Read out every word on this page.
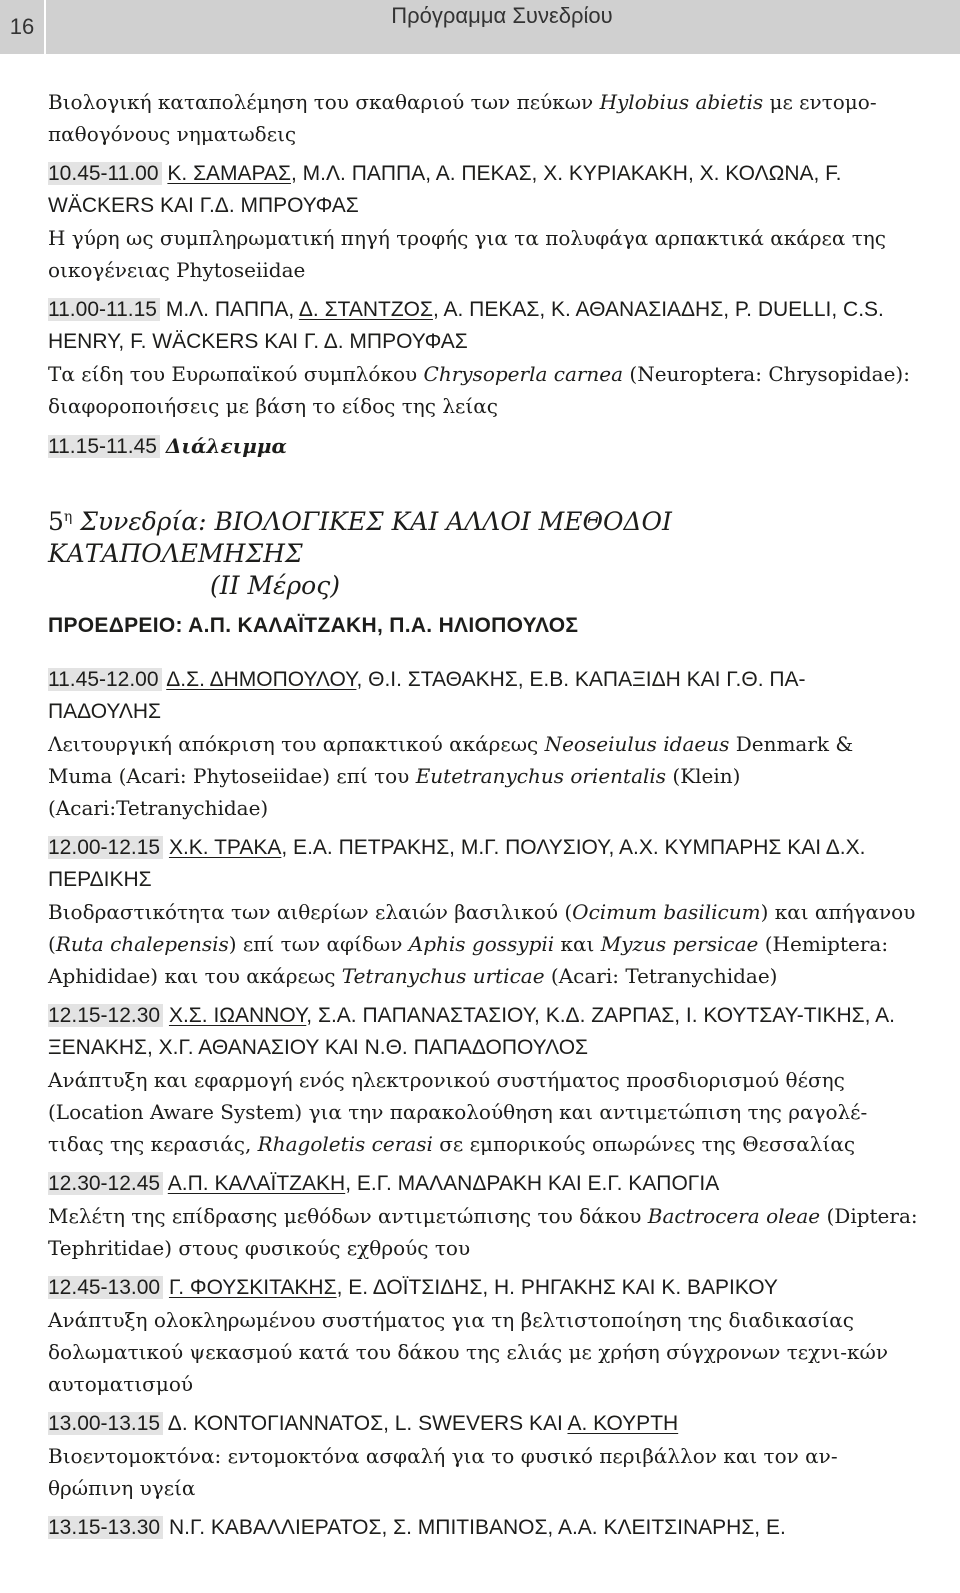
16	Πρόγραμμα Συνεδρίου

Βιολογική καταπολέμηση του σκαθαριού των πεύκων Hylobius abietis με εντομο-παθογόνους νηματωδεις

10.45-11.00 Κ. ΣΑΜΑΡΑΣ, Μ.Λ. ΠΑΠΠΑ, Α. ΠΕΚΑΣ, Χ. ΚΥΡΙΑΚΑΚΗ, Χ. ΚΟΛΩΝΑ, F. WÄCKERS ΚΑΙ Γ.Δ. ΜΠΡΟΥΦΑΣ

Η γύρη ως συμπληρωματική πηγή τροφής για τα πολυφάγα αρπακτικά ακάρεα της οικογένειας Phytoseiidae

11.00-11.15 Μ.Λ. ΠΑΠΠΑ, Δ. ΣΤΑΝΤΖΟΣ, Α. ΠΕΚΑΣ, Κ. ΑΘΑΝΑΣΙΑΔΗΣ, P. DUELLI, C.S. HENRY, F. WÄCKERS ΚΑΙ Γ. Δ. ΜΠΡΟΥΦΑΣ

Τα είδη του Ευρωπαϊκού συμπλόκου Chrysoperla carnea (Neuroptera: Chrysopidae): διαφοροποιήσεις με βάση το είδος της λείας

11.15-11.45 Διάλειμμα

$5^\eta$ Συνεδρία: ΒΙΟΛΟΓΙΚΕΣ ΚΑΙ ΑΛΛΟΙ ΜΕΘΟΔΟΙ ΚΑΤΑΠΟΛΕΜΗΣΗΣ

(ΙΙ Μέρος)

ΠΡΟΕΔΡΕΙΟ: Α.Π. ΚΑΛΑΪΤΖΑΚΗ, Π.Α. ΗΛΙΟΠΟΥΛΟΣ

11.45-12.00 Δ.Σ. ΔΗΜΟΠΟΥΛΟΥ, Θ.Ι. ΣΤΑΘΑΚΗΣ, Ε.Β. ΚΑΠΑΞΙΔΗ ΚΑΙ Γ.Θ. ΠΑ-ΠΑΔΟΥΛΗΣ

Λειτουργική απόκριση του αρπακτικού ακάρεως Neoseiulus idaeus Denmark & Muma (Acari: Phytoseiidae) επί του Eutetranychus orientalis (Klein) (Acari:Tetranychidae)

12.00-12.15 Χ.Κ. ΤΡΑΚΑ, Ε.Α. ΠΕΤΡΑΚΗΣ, Μ.Γ. ΠΟΛΥΣΙΟΥ, Α.Χ. ΚΥΜΠΑΡΗΣ ΚΑΙ Δ.Χ. ΠΕΡΔΙΚΗΣ

Βιοδραστικότητα των αιθερίων ελαιών βασιλικού (Ocimum basilicum) και απήγανου (Ruta chalepensis) επί των αφίδων Aphis gossypii και Myzus persicae (Hemiptera: Aphididae) και του ακάρεως Tetranychus urticae (Acari: Tetranychidae)

12.15-12.30 Χ.Σ. ΙΩΑΝΝΟΥ, Σ.Α. ΠΑΠΑΝΑΣΤΑΣΙΟΥ, Κ.Δ. ΖΑΡΠΑΣ, Ι. ΚΟΥΤΣΑΥ-ΤΙΚΗΣ, Α. ΞΕΝΑΚΗΣ, Χ.Γ. ΑΘΑΝΑΣΙΟΥ ΚΑΙ Ν.Θ. ΠΑΠΑΔΟΠΟΥΛΟΣ

Ανάπτυξη και εφαρμογή ενός ηλεκτρονικού συστήματος προσδιορισμού θέσης (Location Aware System) για την παρακολούθηση και αντιμετώπιση της ραγολέ-τιδας της κερασιάς, Rhagoletis cerasi σε εμπορικούς οπωρώνες της Θεσσαλίας

12.30-12.45 Α.Π. ΚΑΛΑΪΤΖΑΚΗ, Ε.Γ. ΜΑΛΑΝΔΡΑΚΗ ΚΑΙ Ε.Γ. ΚΑΠΟΓΙΑ

Μελέτη της επίδρασης μεθόδων αντιμετώπισης του δάκου Bactrocera oleae (Diptera: Tephritidae) στους φυσικούς εχθρούς του

12.45-13.00 Γ. ΦΟΥΣΚΙΤΑΚΗΣ, Ε. ΔΟΪΤΣΙΔΗΣ, Η. ΡΗΓΑΚΗΣ ΚΑΙ Κ. ΒΑΡΙΚΟΥ

Ανάπτυξη ολοκληρωμένου συστήματος για τη βελτιστοποίηση της διαδικασίας δολωματικού ψεκασμού κατά του δάκου της ελιάς με χρήση σύγχρονων τεχνι-κών αυτοματισμού

13.00-13.15 Δ. ΚΟΝΤΟΓΙΑΝΝΑΤΟΣ, L. SWEVERS ΚΑΙ Α. ΚΟΥΡΤΗ

Βιοεντομοκτόνα: εντομοκτόνα ασφαλή για το φυσικό περιβάλλον και τον αν-θρώπινη υγεία

13.15-13.30 Ν.Γ. ΚΑΒΑΛΛΙΕΡΑΤΟΣ, Σ. ΜΠΙΤΙΒΑΝΟΣ, Α.Α. ΚΛΕΙΤΣΙΝΑΡΗΣ, Ε.
